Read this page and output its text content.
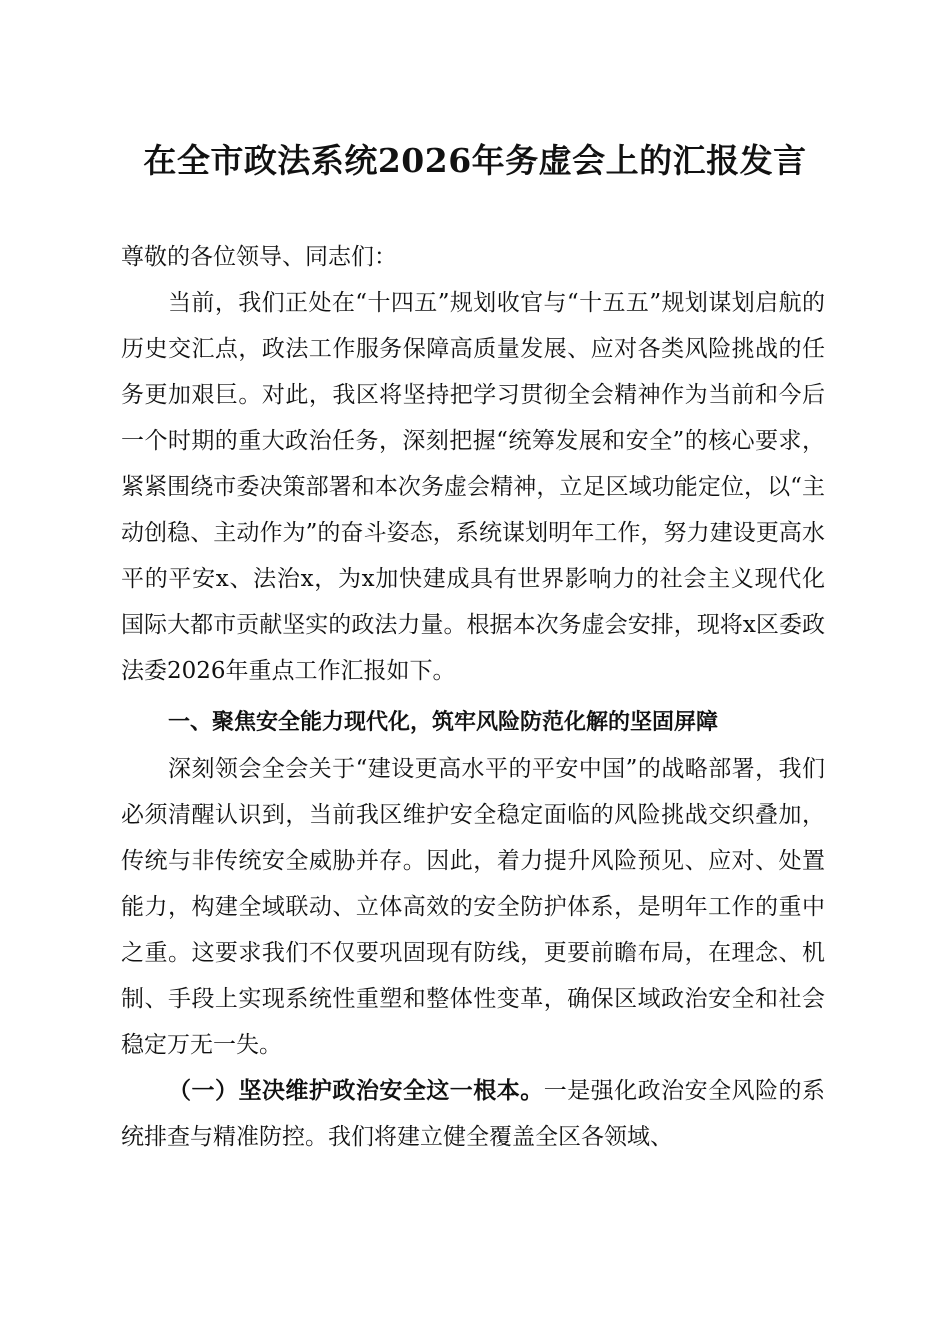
在全市政法系统2026年务虚会上的汇报发言

尊敬的各位领导、同志们：

当前，我们正处在“十四五”规划收官与“十五五”规划谋划启航的历史交汇点，政法工作服务保障高质量发展、应对各类风险挑战的任务更加艰巨。对此，我区将坚持把学习贯彻全会精神作为当前和今后一个时期的重大政治任务，深刻把握“统筹发展和安全”的核心要求，紧紧围绕市委决策部署和本次务虚会精神，立足区域功能定位，以“主动创稳、主动作为”的奋斗姿态，系统谋划明年工作，努力建设更高水平的平安x、法治x，为x加快建成具有世界影响力的社会主义现代化国际大都市贡献坚实的政法力量。根据本次务虚会安排，现将x区委政法委2026年重点工作汇报如下。

一、聚焦安全能力现代化，筑牢风险防范化解的坚固屏障

深刻领会全会关于“建设更高水平的平安中国”的战略部署，我们必须清醒认识到，当前我区维护安全稳定面临的风险挑战交织叠加，传统与非传统安全威胁并存。因此，着力提升风险预见、应对、处置能力，构建全域联动、立体高效的安全防护体系，是明年工作的重中之重。这要求我们不仅要巩固现有防线，更要前瞻布局，在理念、机制、手段上实现系统性重塑和整体性变革，确保区域政治安全和社会稳定万无一失。

（一）坚决维护政治安全这一根本。一是强化政治安全风险的系统排查与精准防控。我们将建立健全覆盖全区各领域、
